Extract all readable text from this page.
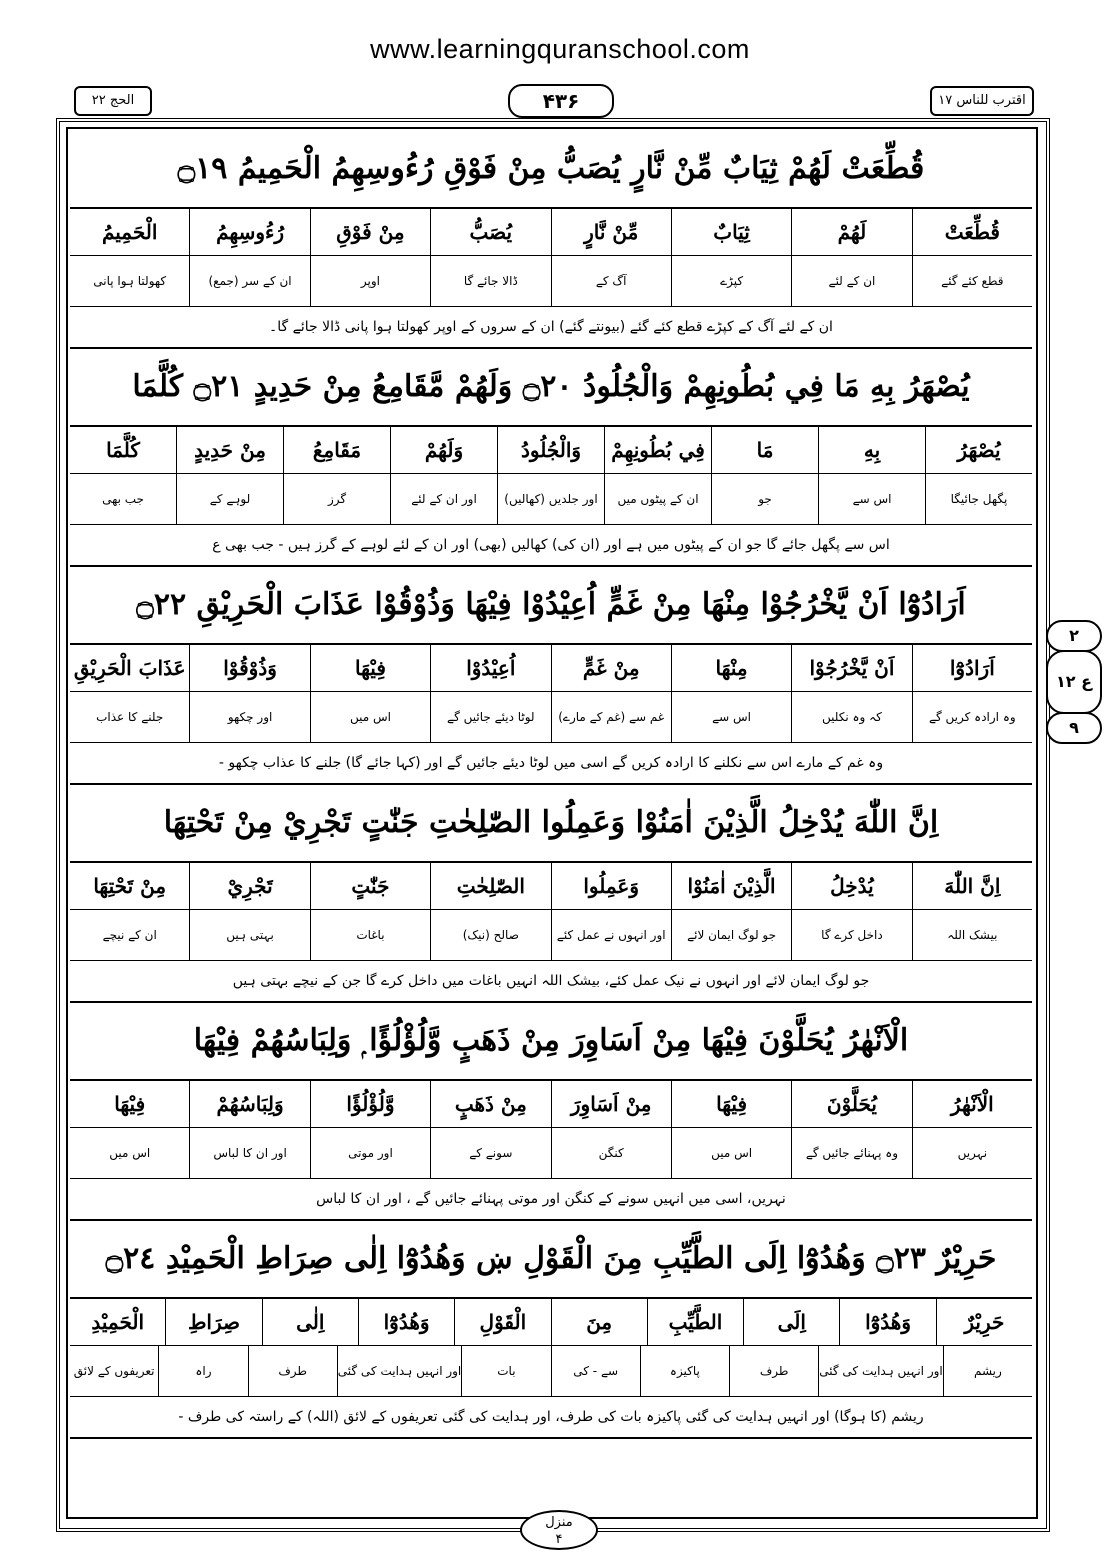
www.learningquranschool.com
الحج ۲۲	۴۳۶	اقترب للناس ۱۷
قُطِّعَتْ لَهُمْ ثِيَابٌ مِّنْ نَّارٍ يُصَبُّ مِنْ فَوْقِ رُءُوسِهِمُ الْحَمِيمُ ۝١٩
قُطِّعَتْ
لَهُمْ
ثِيَابٌ
مِّنْ نَّارٍ
يُصَبُّ
مِنْ فَوْقِ
رُءُوسِهِمُ
الْحَمِيمُ
قطع کئے گئے
ان کے لئے
کپڑے
آگ کے
ڈالا جائے گا
اوپر
ان کے سر (جمع)
کھولتا ہوا پانی
ان کے لئے آگ کے کپڑے قطع کئے گئے (بیونتے گئے) ان کے سروں کے اوپر کھولتا ہوا پانی ڈالا جائے گا۔
يُصْهَرُ بِهِ مَا فِي بُطُونِهِمْ وَالْجُلُودُ ۝٢٠ وَلَهُمْ مَّقَامِعُ مِنْ حَدِيدٍ ۝٢١ كُلَّمَا
يُصْهَرُ
بِهِ
مَا
فِي بُطُونِهِمْ
وَالْجُلُودُ
وَلَهُمْ
مَقَامِعُ
مِنْ حَدِيدٍ
كُلَّمَا
پگھل جائیگا
اس سے
جو
ان کے پیٹوں میں
اور جلدیں (کھالیں)
اور ان کے لئے
گرز
لوہے کے
جب بھی
اس سے پگھل جائے گا جو ان کے پیٹوں میں ہے اور (ان کی) کھالیں (بھی) اور ان کے لئے لوہے کے گرز ہیں - جب بھی ع
اَرَادُوْٓا اَنْ يَّخْرُجُوْا مِنْهَا مِنْ غَمٍّ اُعِيْدُوْا فِيْهَا وَذُوْقُوْا عَذَابَ الْحَرِيْقِ ۝٢٢
اَرَادُوْٓا
اَنْ يَّخْرُجُوْا
مِنْهَا
مِنْ غَمٍّ
اُعِيْدُوْا
فِيْهَا
وَذُوْقُوْا
عَذَابَ الْحَرِيْقِ
وہ ارادہ کریں گے
کہ وہ نکلیں
اس سے
غم سے (غم کے مارے)
لوٹا دیئے جائیں گے
اس میں
اور چکھو
جلنے کا عذاب
وہ غم کے مارے اس سے نکلنے کا ارادہ کریں گے اسی میں لوٹا دیئے جائیں گے اور (کہا جائے گا) جلنے کا عذاب چکھو -
اِنَّ اللّٰهَ يُدْخِلُ الَّذِيْنَ اٰمَنُوْا وَعَمِلُوا الصّٰلِحٰتِ جَنّٰتٍ تَجْرِيْ مِنْ تَحْتِهَا
اِنَّ اللّٰهَ
يُدْخِلُ
الَّذِيْنَ اٰمَنُوْا
وَعَمِلُوا
الصّٰلِحٰتِ
جَنّٰتٍ
تَجْرِيْ
مِنْ تَحْتِهَا
بیشک اللہ
داخل کرے گا
جو لوگ ایمان لائے
اور انہوں نے عمل کئے
صالح (نیک)
باغات
بہتی ہیں
ان کے نیچے
جو لوگ ایمان لائے اور انہوں نے نیک عمل کئے، بیشک اللہ انہیں باغات میں داخل کرے گا جن کے نیچے بہتی ہیں
الْاَنْهٰرُ يُحَلَّوْنَ فِيْهَا مِنْ اَسَاوِرَ مِنْ ذَهَبٍ وَّلُؤْلُؤًا ۭ وَلِبَاسُهُمْ فِيْهَا
الْاَنْهٰرُ
يُحَلَّوْنَ
فِيْهَا
مِنْ اَسَاوِرَ
مِنْ ذَهَبٍ
وَّلُؤْلُؤًا
وَلِبَاسُهُمْ
فِيْهَا
نہریں
وہ پہنائے جائیں گے
اس میں
کنگن
سونے کے
اور موتی
اور ان کا لباس
اس میں
نہریں، اسی میں انہیں سونے کے کنگن اور موتی پہنائے جائیں گے ، اور ان کا لباس
حَرِيْرٌ ۝٢٣ وَهُدُوْٓا اِلَى الطَّيِّبِ مِنَ الْقَوْلِ ښ وَهُدُوْٓا اِلٰى صِرَاطِ الْحَمِيْدِ ۝٢٤
حَرِيْرٌ
وَهُدُوْٓا
اِلَى
الطَّيِّبِ
مِنَ
الْقَوْلِ
وَهُدُوْٓا
اِلٰى
صِرَاطِ
الْحَمِيْدِ
ریشم
اور انہیں ہدایت کی گئی
طرف
پاکیزہ
سے - کی
بات
اور انہیں ہدایت کی گئی
طرف
راہ
تعریفوں کے لائق
ریشم (کا ہوگا) اور انہیں ہدایت کی گئی پاکیزہ بات کی طرف، اور ہدایت کی گئی تعریفوں کے لائق (اللہ) کے راستہ کی طرف -
۲
ع ۱۲
۹
منزل
۴
